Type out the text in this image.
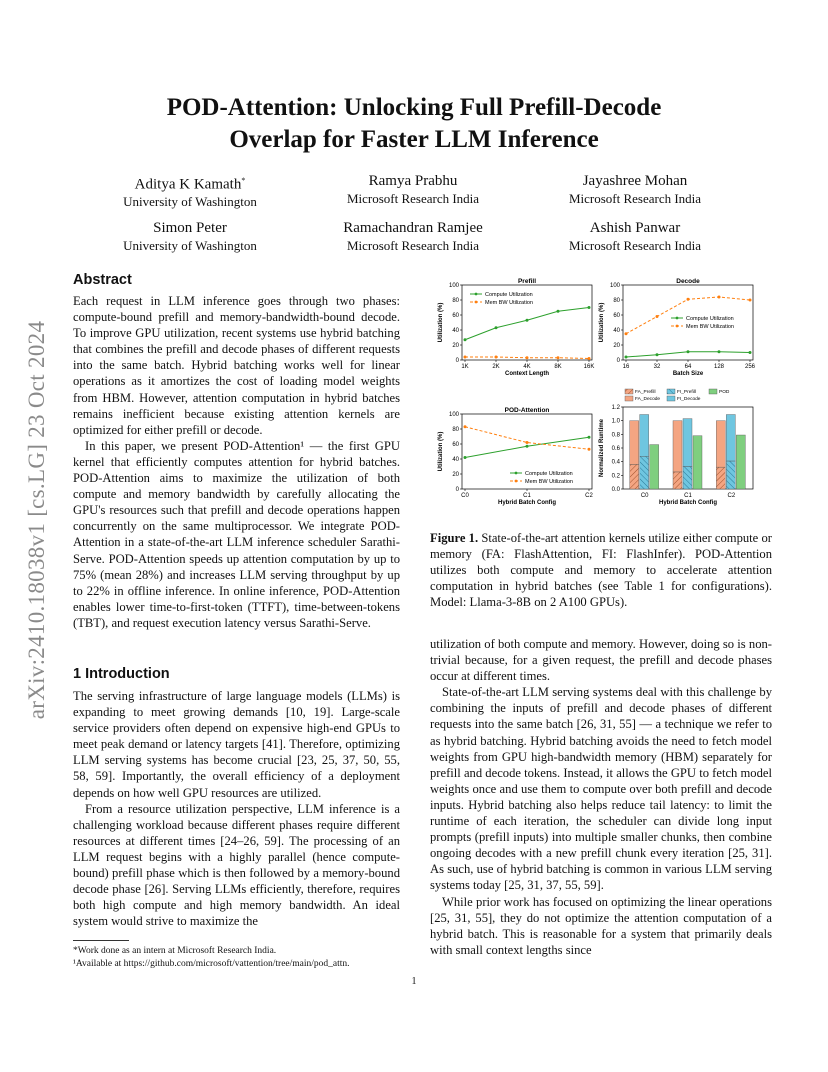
arXiv:2410.18038v1 [cs.LG] 23 Oct 2024
POD-Attention: Unlocking Full Prefill-Decode
Overlap for Faster LLM Inference
Aditya K Kamath*
University of Washington
Ramya Prabhu
Microsoft Research India
Jayashree Mohan
Microsoft Research India
Simon Peter
University of Washington
Ramachandran Ramjee
Microsoft Research India
Ashish Panwar
Microsoft Research India
Abstract

Each request in LLM inference goes through two phases: compute-bound prefill and memory-bandwidth-bound decode. To improve GPU utilization, recent systems use hybrid batching that combines the prefill and decode phases of different requests into the same batch. Hybrid batching works well for linear operations as it amortizes the cost of loading model weights from HBM. However, attention computation in hybrid batches remains inefficient because existing attention kernels are optimized for either prefill or decode.

In this paper, we present POD-Attention¹ — the first GPU kernel that efficiently computes attention for hybrid batches. POD-Attention aims to maximize the utilization of both compute and memory bandwidth by carefully allocating the GPU's resources such that prefill and decode operations happen concurrently on the same multiprocessor. We integrate POD-Attention in a state-of-the-art LLM inference scheduler Sarathi-Serve. POD-Attention speeds up attention computation by up to 75% (mean 28%) and increases LLM serving throughput by up to 22% in offline inference. In online inference, POD-Attention enables lower time-to-first-token (TTFT), time-between-tokens (TBT), and request execution latency versus Sarathi-Serve.

1 Introduction

The serving infrastructure of large language models (LLMs) is expanding to meet growing demands [10, 19]. Large-scale service providers often depend on expensive high-end GPUs to meet peak demand or latency targets [41]. Therefore, optimizing LLM serving systems has become crucial [23, 25, 37, 50, 55, 58, 59]. Importantly, the overall efficiency of a deployment depends on how well GPU resources are utilized.

From a resource utilization perspective, LLM inference is a challenging workload because different phases require different resources at different times [24–26, 59]. The processing of an LLM request begins with a highly parallel (hence compute-bound) prefill phase which is then followed by a memory-bound decode phase [26]. Serving LLMs efficiently, therefore, requires both high compute and high memory bandwidth. An ideal system would strive to maximize the

*Work done as an intern at Microsoft Research India.
¹Available at https://github.com/microsoft/vattention/tree/main/pod_attn.
Prefill
0
20
40
60
80
100
Utilization (%)
Context Length
1K	2K	4K	8K	16K
Compute Utilization
Mem BW Utilization
Decode
0
20
40
60
80
100
Utilization (%)
Batch Size
16	32	64	128	256
Compute Utilization
Mem BW Utilization
POD-Attention
0
20
40
60
80
100
Utilization (%)
Hybrid Batch Config
C0	C1	C2
Compute Utilization
Mem BW Utilization
0.0
0.2
0.4
0.6
0.8
1.0
1.2
Normalized Runtime
Hybrid Batch Config
C0	C1	C2
FA_Prefill
FA_Decode
FI_Prefill
FI_Decode
POD
Figure 1. State-of-the-art attention kernels utilize either compute or memory (FA: FlashAttention, FI: FlashInfer). POD-Attention utilizes both compute and memory to accelerate attention computation in hybrid batches (see Table 1 for configurations). Model: Llama-3-8B on 2 A100 GPUs).

utilization of both compute and memory. However, doing so is non-trivial because, for a given request, the prefill and decode phases occur at different times.

State-of-the-art LLM serving systems deal with this challenge by combining the inputs of prefill and decode phases of different requests into the same batch [26, 31, 55] — a technique we refer to as hybrid batching. Hybrid batching avoids the need to fetch model weights from GPU high-bandwidth memory (HBM) separately for prefill and decode tokens. Instead, it allows the GPU to fetch model weights once and use them to compute over both prefill and decode inputs. Hybrid batching also helps reduce tail latency: to limit the runtime of each iteration, the scheduler can divide long input prompts (prefill inputs) into multiple smaller chunks, then combine ongoing decodes with a new prefill chunk every iteration [25, 31]. As such, use of hybrid batching is common in various LLM serving systems today [25, 31, 37, 55, 59].

While prior work has focused on optimizing the linear operations [25, 31, 55], they do not optimize the attention computation of a hybrid batch. This is reasonable for a system that primarily deals with small context lengths since

1
